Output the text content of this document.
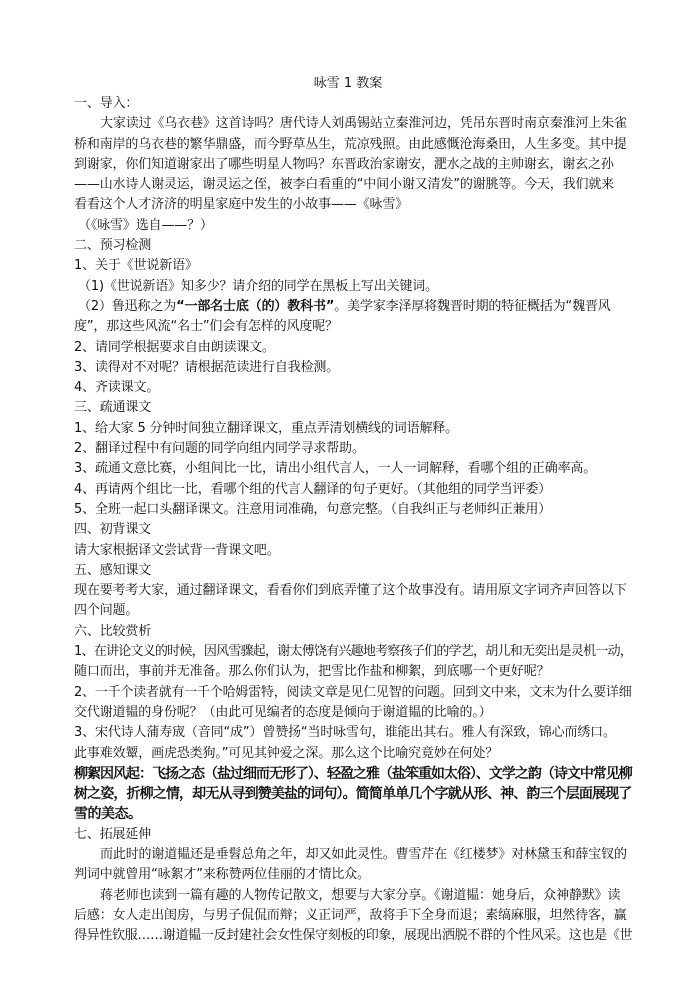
咏雪 1 教案
一、导入：
大家读过《乌衣巷》这首诗吗？唐代诗人刘禹锡站立秦淮河边，凭吊东晋时南京秦淮河上朱雀
桥和南岸的乌衣巷的繁华鼎盛，而今野草丛生，荒凉残照。由此感慨沧海桑田，人生多变。其中提
到谢家，你们知道谢家出了哪些明星人物吗？东晋政治家谢安，淝水之战的主帅谢玄，谢玄之孙
——山水诗人谢灵运，谢灵运之侄，被李白看重的“中间小谢又清发”的谢朓等。今天，我们就来
看看这个人才济济的明星家庭中发生的小故事——《咏雪》
（《咏雪》选自——？）
二、预习检测
1、关于《世说新语》
（1)《世说新语》知多少？请介绍的同学在黑板上写出关键词。
（2）鲁迅称之为“一部名士底（的）教科书”。美学家李泽厚将魏晋时期的特征概括为“魏晋风
度”，那这些风流“名士”们会有怎样的风度呢？
2、请同学根据要求自由朗读课文。
3、读得对不对呢？请根据范读进行自我检测。
4、齐读课文。
三、疏通课文
1、给大家 5 分钟时间独立翻译课文，重点弄清划横线的词语解释。
2、翻译过程中有问题的同学向组内同学寻求帮助。
3、疏通文意比赛，小组间比一比，请出小组代言人，一人一词解释，看哪个组的正确率高。
4、再请两个组比一比，看哪个组的代言人翻译的句子更好。（其他组的同学当评委）
5、全班一起口头翻译课文。注意用词准确，句意完整。（自我纠正与老师纠正兼用）
四、初背课文
请大家根据译文尝试背一背课文吧。
五、感知课文
现在要考考大家，通过翻译课文，看看你们到底弄懂了这个故事没有。请用原文字词齐声回答以下
四个问题。
六、比较赏析
1、在讲论文义的时候，因风雪骤起，谢太傅饶有兴趣地考察孩子们的学艺，胡儿和无奕出是灵机一动，
随口而出，事前并无准备。那么你们认为，把雪比作盐和柳絮，到底哪一个更好呢？
2、一千个读者就有一千个哈姆雷特，阅读文章是见仁见智的问题。回到文中来，文末为什么要详细
交代谢道韫的身份呢？（由此可见编者的态度是倾向于谢道韫的比喻的。）
3、宋代诗人蒲寿宬（音同“成”）曾赞扬“当时咏雪句，谁能出其右。雅人有深致，锦心而绣口。
此事难效颦，画虎恐类狗。”可见其钟爱之深。那么这个比喻究竟妙在何处？
柳絮因风起：飞扬之态（盐过细而无形了）、轻盈之雅（盐笨重如太俗）、文学之韵（诗文中常见柳
树之姿，折柳之情，却无从寻到赞美盐的词句）。简简单单几个字就从形、神、韵三个层面展现了
雪的美态。
七、拓展延伸
而此时的谢道韫还是垂髫总角之年，却又如此灵性。曹雪芹在《红楼梦》对林黛玉和薛宝钗的
判词中就曾用“咏絮才”来称赞两位佳丽的才情比众。
蒋老师也读到一篇有趣的人物传记散文，想要与大家分享。《谢道韫：她身后，众神静默》读
后感：女人走出闺房，与男子侃侃而辩；义正词严，敌将手下全身而退；素缟麻服，坦然待客，赢
得异性钦服……谢道韫一反封建社会女性保守刻板的印象，展现出洒脱不群的个性风采。这也是《世
